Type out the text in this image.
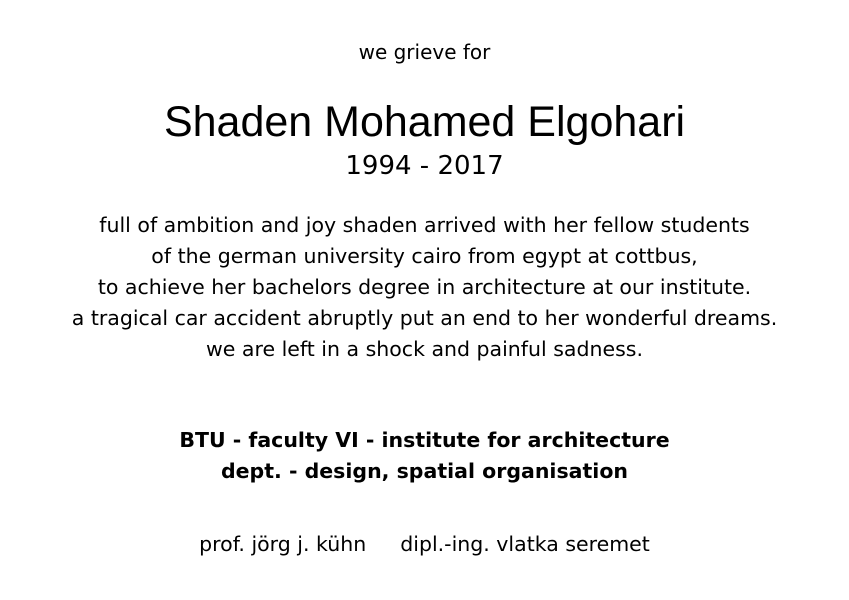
we grieve for
Shaden Mohamed Elgohari
1994 - 2017
full of ambition and joy shaden arrived with her fellow students
of the german university cairo from egypt at cottbus,
to achieve her bachelors degree in architecture at our institute.
a tragical car accident abruptly put an end to her wonderful dreams.
we are left in a shock and painful sadness.
BTU - faculty VI - institute for architecture
dept. - design, spatial organisation
prof. jörg j. kühn dipl.-ing. vlatka seremet
